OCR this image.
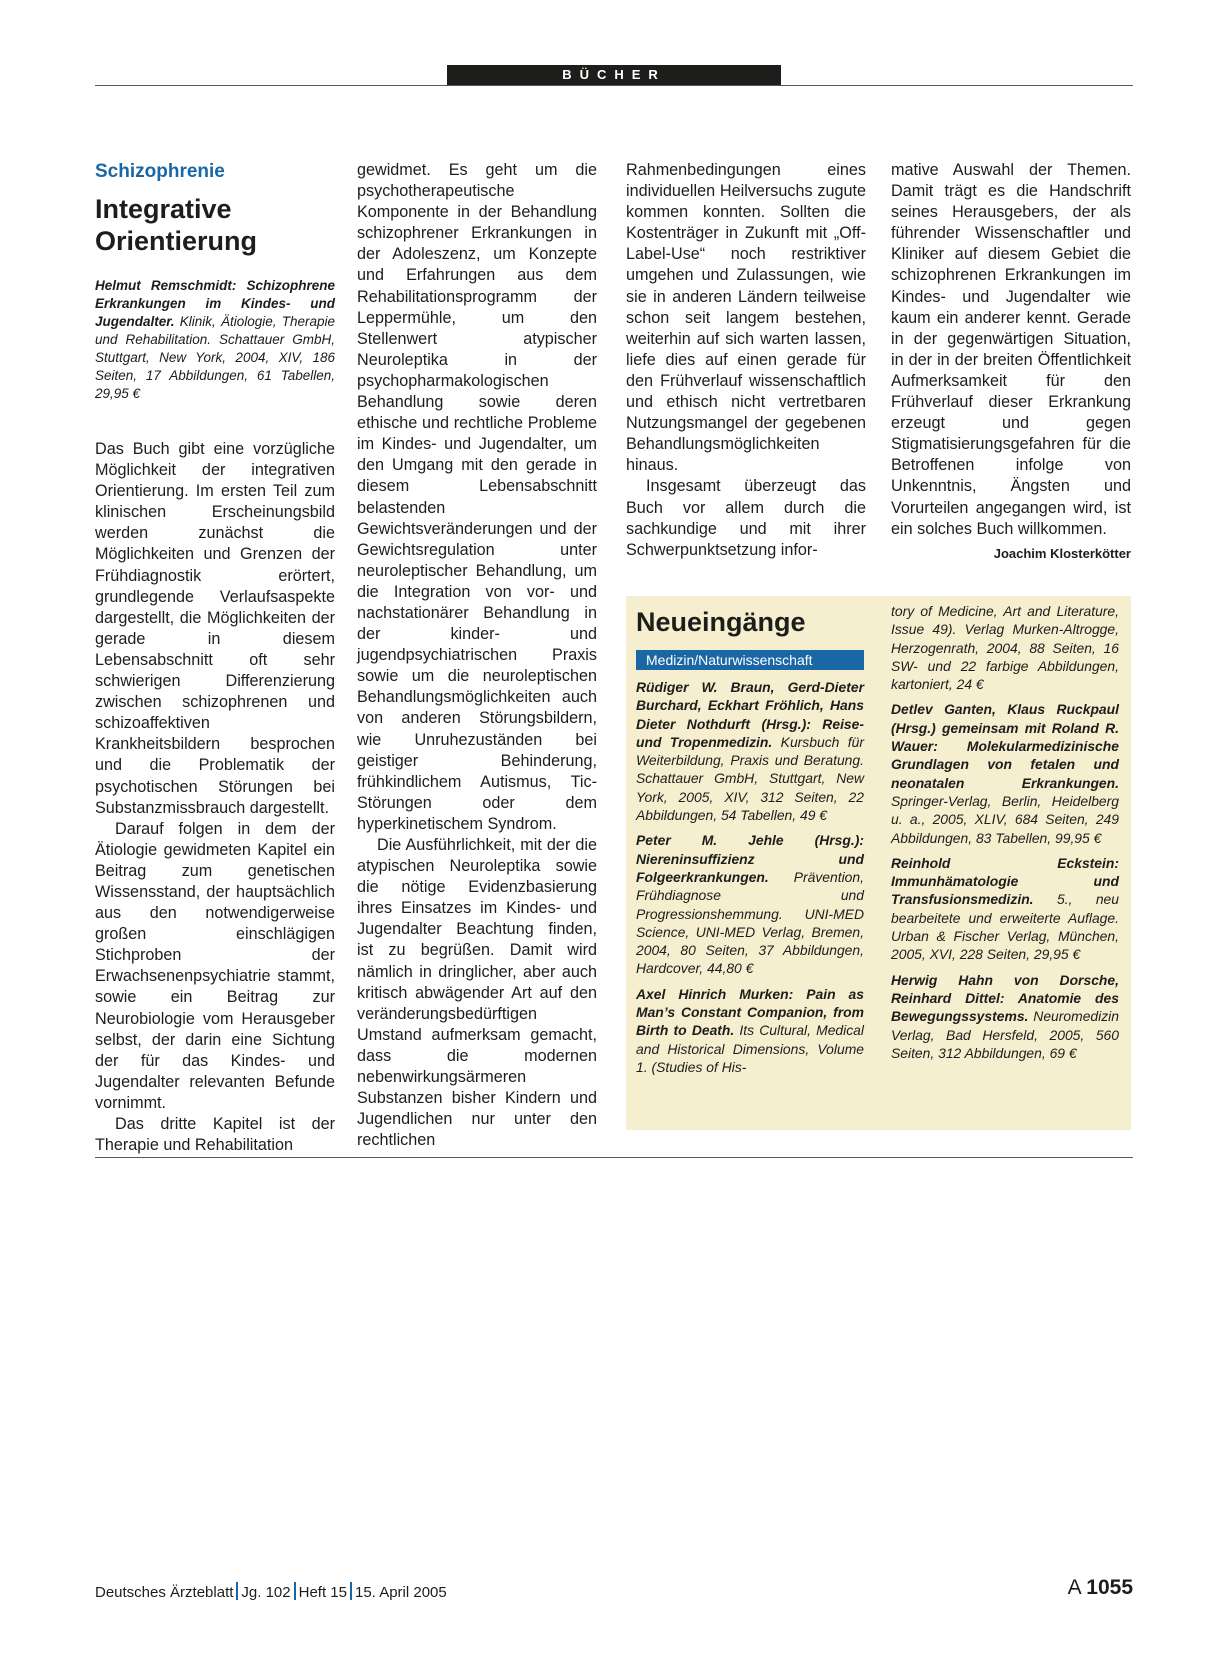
BÜCHER
Schizophrenie
Integrative Orientierung
Helmut Remschmidt: Schizophrene Erkrankungen im Kindes- und Jugendalter. Klinik, Ätiologie, Therapie und Rehabilitation. Schattauer GmbH, Stuttgart, New York, 2004, XIV, 186 Seiten, 17 Abbildungen, 61 Tabellen, 29,95 €

Das Buch gibt eine vorzügliche Möglichkeit der integrativen Orientierung. Im ersten Teil zum klinischen Erscheinungsbild werden zunächst die Möglichkeiten und Grenzen der Frühdiagnostik erörtert, grundlegende Verlaufsaspekte dargestellt, die Möglichkeiten der gerade in diesem Lebensabschnitt oft sehr schwierigen Differenzierung zwischen schizophrenen und schizoaffektiven Krankheitsbildern besprochen und die Problematik der psychotischen Störungen bei Substanzmissbrauch dargestellt.

Darauf folgen in dem der Ätiologie gewidmeten Kapitel ein Beitrag zum genetischen Wissensstand, der hauptsächlich aus den notwendigerweise großen einschlägigen Stichproben der Erwachsenenpsychiatrie stammt, sowie ein Beitrag zur Neurobiologie vom Herausgeber selbst, der darin eine Sichtung der für das Kindes- und Jugendalter relevanten Befunde vornimmt.

Das dritte Kapitel ist der Therapie und Rehabilitation

gewidmet. Es geht um die psychotherapeutische Komponente in der Behandlung schizophrener Erkrankungen in der Adoleszenz, um Konzepte und Erfahrungen aus dem Rehabilitationsprogramm der Leppermühle, um den Stellenwert atypischer Neuroleptika in der psychopharmakologischen Behandlung sowie deren ethische und rechtliche Probleme im Kindes- und Jugendalter, um den Umgang mit den gerade in diesem Lebensabschnitt belastenden Gewichtsveränderungen und der Gewichtsregulation unter neuroleptischer Behandlung, um die Integration von vor- und nachstationärer Behandlung in der kinder- und jugendpsychiatrischen Praxis sowie um die neuroleptischen Behandlungsmöglichkeiten auch von anderen Störungsbildern, wie Unruhezuständen bei geistiger Behinderung, frühkindlichem Autismus, Tic-Störungen oder dem hyperkinetischem Syndrom.

Die Ausführlichkeit, mit der die atypischen Neuroleptika sowie die nötige Evidenzbasierung ihres Einsatzes im Kindes- und Jugendalter Beachtung finden, ist zu begrüßen. Damit wird nämlich in dringlicher, aber auch kritisch abwägender Art auf den veränderungsbedürftigen Umstand aufmerksam gemacht, dass die modernen nebenwirkungsärmeren Substanzen bisher Kindern und Jugendlichen nur unter den rechtlichen

Rahmenbedingungen eines individuellen Heilversuchs zugute kommen konnten. Sollten die Kostenträger in Zukunft mit „Off-Label-Use“ noch restriktiver umgehen und Zulassungen, wie sie in anderen Ländern teilweise schon seit langem bestehen, weiterhin auf sich warten lassen, liefe dies auf einen gerade für den Frühverlauf wissenschaftlich und ethisch nicht vertretbaren Nutzungsmangel der gegebenen Behandlungsmöglichkeiten hinaus.

Insgesamt überzeugt das Buch vor allem durch die sachkundige und mit ihrer Schwerpunktsetzung infor-

mative Auswahl der Themen. Damit trägt es die Handschrift seines Herausgebers, der als führender Wissenschaftler und Kliniker auf diesem Gebiet die schizophrenen Erkrankungen im Kindes- und Jugendalter wie kaum ein anderer kennt. Gerade in der gegenwärtigen Situation, in der in der breiten Öffentlichkeit Aufmerksamkeit für den Frühverlauf dieser Erkrankung erzeugt und gegen Stigmatisierungsgefahren für die Betroffenen infolge von Unkenntnis, Ängsten und Vorurteilen angegangen wird, ist ein solches Buch willkommen.
Joachim Klosterkötter

Neueingänge

Medizin/Naturwissenschaft

Rüdiger W. Braun, Gerd-Dieter Burchard, Eckhart Fröhlich, Hans Dieter Nothdurft (Hrsg.): Reise- und Tropenmedizin. Kursbuch für Weiterbildung, Praxis und Beratung. Schattauer GmbH, Stuttgart, New York, 2005, XIV, 312 Seiten, 22 Abbildungen, 54 Tabellen, 49 €

Peter M. Jehle (Hrsg.): Niereninsuffizienz und Folgeerkrankungen. Prävention, Frühdiagnose und Progressionshemmung. UNI-MED Science, UNI-MED Verlag, Bremen, 2004, 80 Seiten, 37 Abbildungen, Hardcover, 44,80 €

Axel Hinrich Murken: Pain as Man’s Constant Companion, from Birth to Death. Its Cultural, Medical and Historical Dimensions, Volume 1. (Studies of His-

tory of Medicine, Art and Literature, Issue 49). Verlag Murken-Altrogge, Herzogenrath, 2004, 88 Seiten, 16 SW- und 22 farbige Abbildungen, kartoniert, 24 €

Detlev Ganten, Klaus Ruckpaul (Hrsg.) gemeinsam mit Roland R. Wauer: Molekularmedizinische Grundlagen von fetalen und neonatalen Erkrankungen. Springer-Verlag, Berlin, Heidelberg u. a., 2005, XLIV, 684 Seiten, 249 Abbildungen, 83 Tabellen, 99,95 €

Reinhold Eckstein: Immunhämatologie und Transfusionsmedizin. 5., neu bearbeitete und erweiterte Auflage. Urban & Fischer Verlag, München, 2005, XVI, 228 Seiten, 29,95 €

Herwig Hahn von Dorsche, Reinhard Dittel: Anatomie des Bewegungssystems. Neuromedizin Verlag, Bad Hersfeld, 2005, 560 Seiten, 312 Abbildungen, 69 €

Deutsches Ärzteblatt Jg. 102 Heft 15 15. April 2005	A 1055
